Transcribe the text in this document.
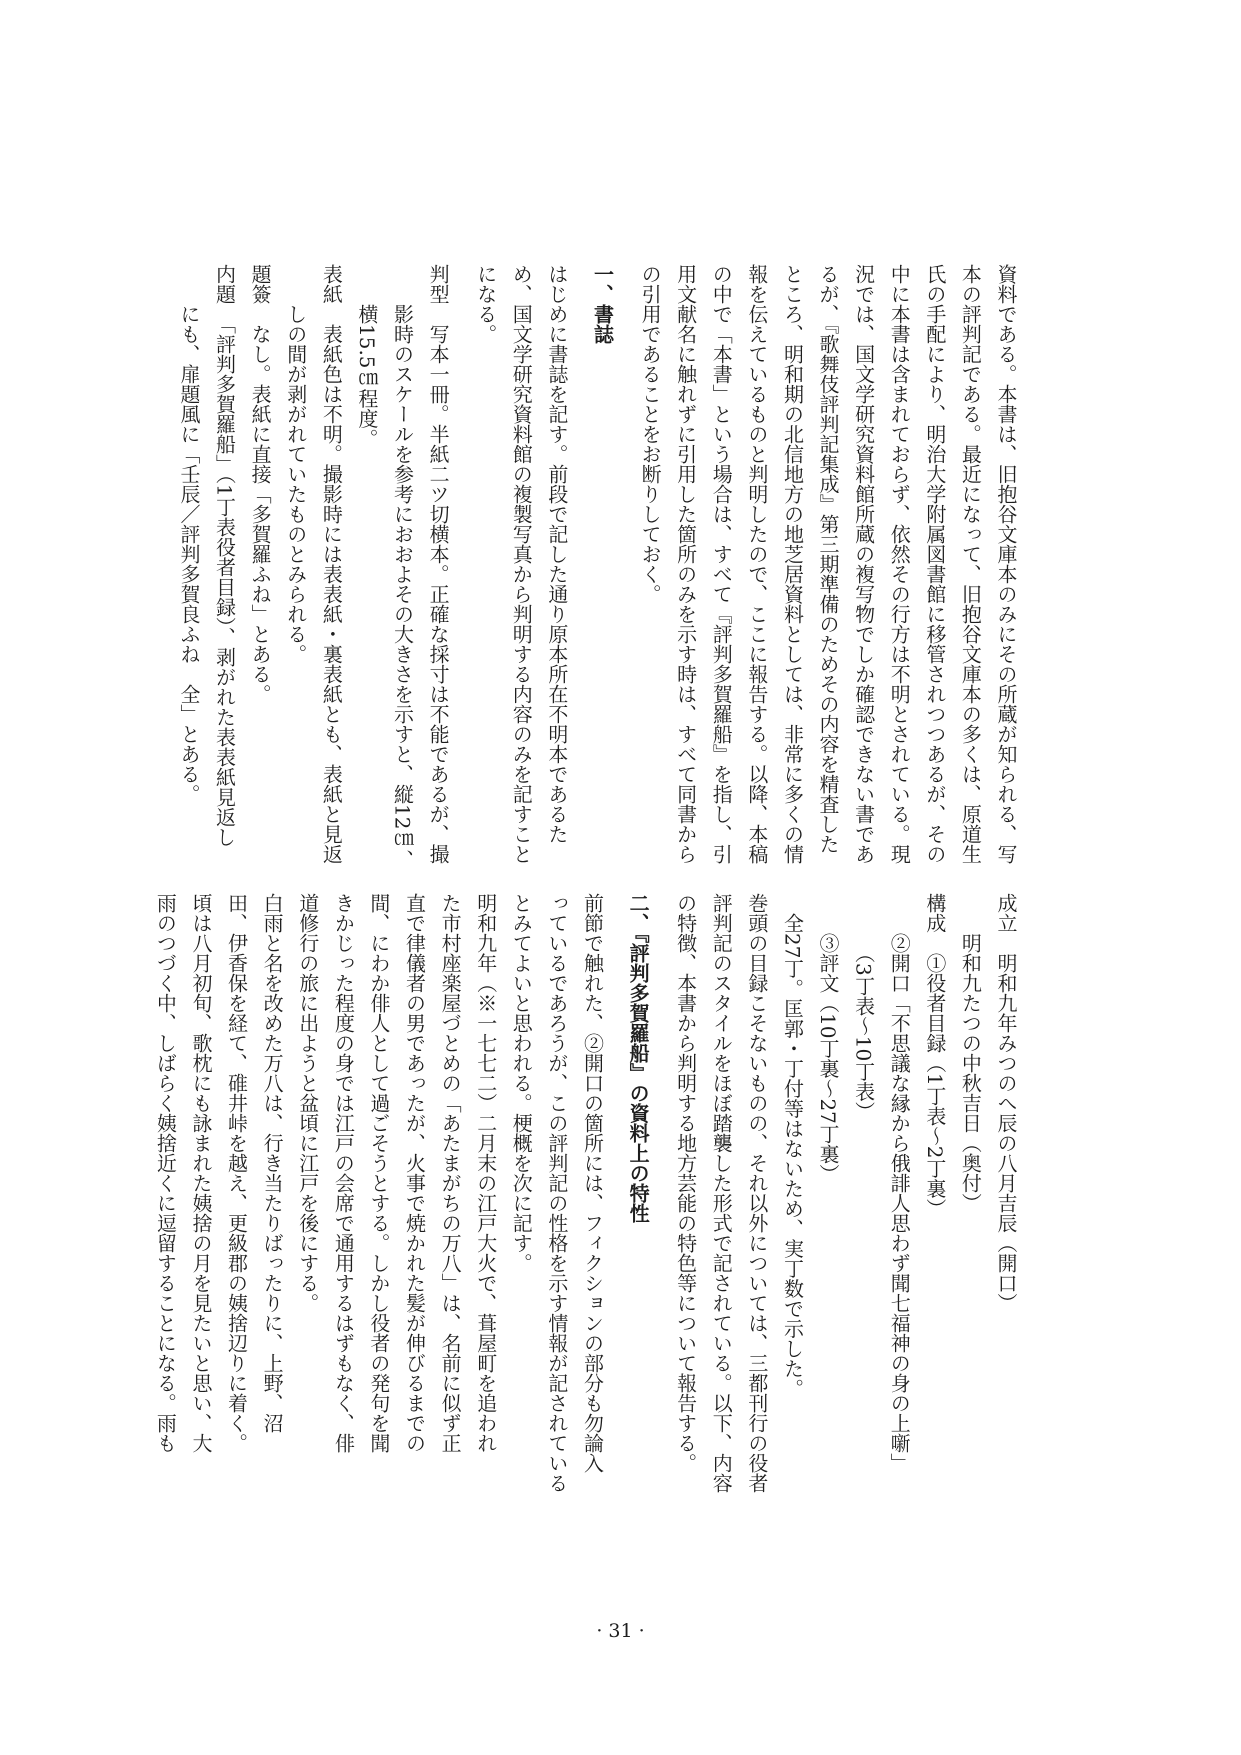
資料である。本書は、旧抱谷文庫本のみにその所蔵が知られる、写
本の評判記である。最近になって、旧抱谷文庫本の多くは、原道生
氏の手配により、明治大学附属図書館に移管されつつあるが、その
中に本書は含まれておらず、依然その行方は不明とされている。現
況では、国文学研究資料館所蔵の複写物でしか確認できない書であ
るが、『歌舞伎評判記集成』第三期準備のためその内容を精査した
ところ、明和期の北信地方の地芝居資料としては、非常に多くの情
報を伝えているものと判明したので、ここに報告する。以降、本稿
の中で「本書」という場合は、すべて『評判多賀羅船』を指し、引
用文献名に触れずに引用した箇所のみを示す時は、すべて同書から
の引用であることをお断りしておく。
一、書誌
はじめに書誌を記す。前段で記した通り原本所在不明本であるた
め、国文学研究資料館の複製写真から判明する内容のみを記すこと
になる。
判型　写本一冊。半紙二ツ切横本。正確な採寸は不能であるが、撮
　　影時のスケールを参考におおよその大きさを示すと、縦12㎝、
　　横15.5㎝程度。
表紙　表紙色は不明。撮影時には表表紙・裏表紙とも、表紙と見返
　　しの間が剥がれていたものとみられる。
題簽　なし。表紙に直接「多賀羅ふね」とある。
内題　「評判多賀羅船」（1丁表役者目録）、剥がれた表表紙見返し
　　にも、扉題風に「壬辰／評判多賀良ふね　全」とある。
成立　明和九年みつのへ辰の八月吉辰（開口）
　　明和九たつの中秋吉日（奥付）
構成　①役者目録（1丁表～2丁裏）
　　②開口「不思議な縁から俄誹人思わず聞七福神の身の上噺」
　　　（3丁表～10丁表）
　　③評文（10丁裏～27丁裏）
　全27丁。匡郭・丁付等はないため、実丁数で示した。
巻頭の目録こそないものの、それ以外については、三都刊行の役者
評判記のスタイルをほぼ踏襲した形式で記されている。以下、内容
の特徴、本書から判明する地方芸能の特色等について報告する。
二、『評判多賀羅船』の資料上の特性
前節で触れた、②開口の箇所には、フィクションの部分も勿論入
っているであろうが、この評判記の性格を示す情報が記されている
とみてよいと思われる。梗概を次に記す。
明和九年（※一七七二）二月末の江戸大火で、葺屋町を追われ
た市村座楽屋づとめの「あたまがちの万八」は、名前に似ず正
直で律儀者の男であったが、火事で焼かれた髪が伸びるまでの
間、にわか俳人として過ごそうとする。しかし役者の発句を聞
きかじった程度の身では江戸の会席で通用するはずもなく、俳
道修行の旅に出ようと盆頃に江戸を後にする。
白雨と名を改めた万八は、行き当たりばったりに、上野、沼
田、伊香保を経て、碓井峠を越え、更級郡の姨捨辺りに着く。
頃は八月初旬、歌枕にも詠まれた姨捨の月を見たいと思い、大
雨のつづく中、しばらく姨捨近くに逗留することになる。雨も
· 31 ·
